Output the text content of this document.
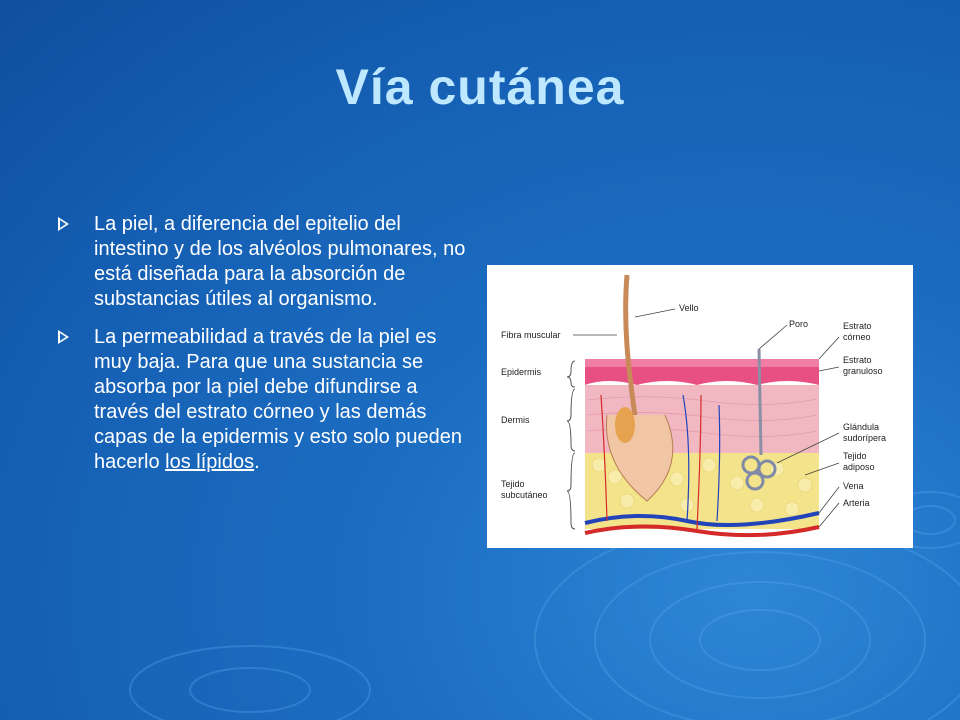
Vía cutánea
La piel, a diferencia del epitelio del intestino y de los alvéolos pulmonares, no está diseñada para la absorción de substancias útiles al organismo.
La permeabilidad a través de la piel es muy baja. Para que una sustancia se absorba por la piel debe difundirse a través del estrato córneo y las demás capas de la epidermis y esto solo pueden hacerlo los lípidos.
Fibra muscular
Epidermis
Dermis
Tejido
subcutáneo
Vello
Poro	Estrato
córneo
Estrato
granuloso
Glándula
sudorípera
Tejido
adiposo
Vena
Arteria
